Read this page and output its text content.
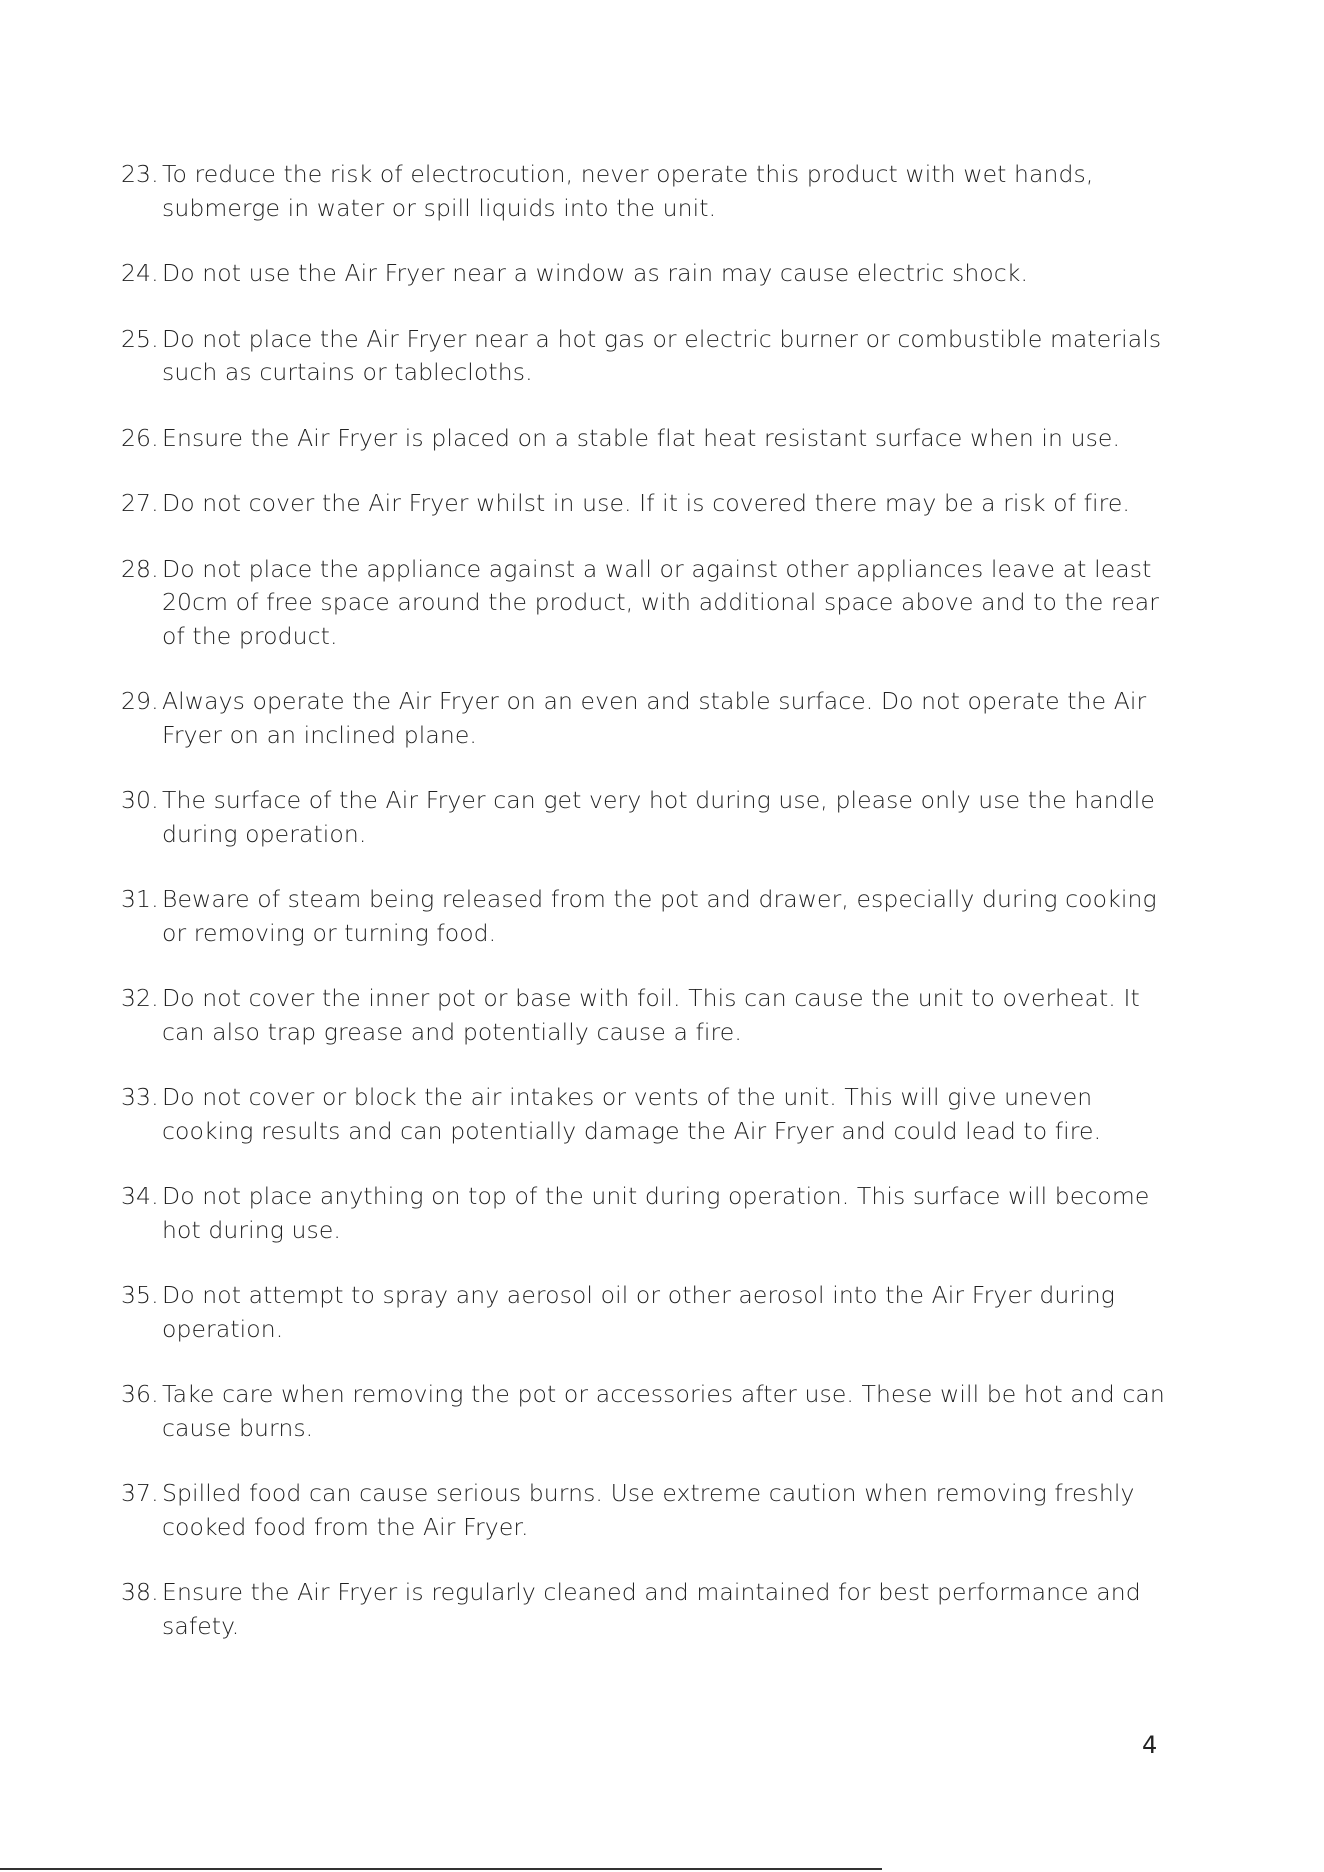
23. To reduce the risk of electrocution, never operate this product with wet hands, submerge in water or spill liquids into the unit.
24. Do not use the Air Fryer near a window as rain may cause electric shock.
25. Do not place the Air Fryer near a hot gas or electric burner or combustible materials such as curtains or tablecloths.
26. Ensure the Air Fryer is placed on a stable flat heat resistant surface when in use.
27. Do not cover the Air Fryer whilst in use. If it is covered there may be a risk of fire.
28. Do not place the appliance against a wall or against other appliances leave at least 20cm of free space around the product, with additional space above and to the rear of the product.
29. Always operate the Air Fryer on an even and stable surface. Do not operate the Air Fryer on an inclined plane.
30. The surface of the Air Fryer can get very hot during use, please only use the handle during operation.
31. Beware of steam being released from the pot and drawer, especially during cooking or removing or turning food.
32. Do not cover the inner pot or base with foil. This can cause the unit to overheat. It can also trap grease and potentially cause a fire.
33. Do not cover or block the air intakes or vents of the unit. This will give uneven cooking results and can potentially damage the Air Fryer and could lead to fire.
34. Do not place anything on top of the unit during operation. This surface will become hot during use.
35. Do not attempt to spray any aerosol oil or other aerosol into the Air Fryer during operation.
36. Take care when removing the pot or accessories after use. These will be hot and can cause burns.
37. Spilled food can cause serious burns. Use extreme caution when removing freshly cooked food from the Air Fryer.
38. Ensure the Air Fryer is regularly cleaned and maintained for best performance and safety.
4
